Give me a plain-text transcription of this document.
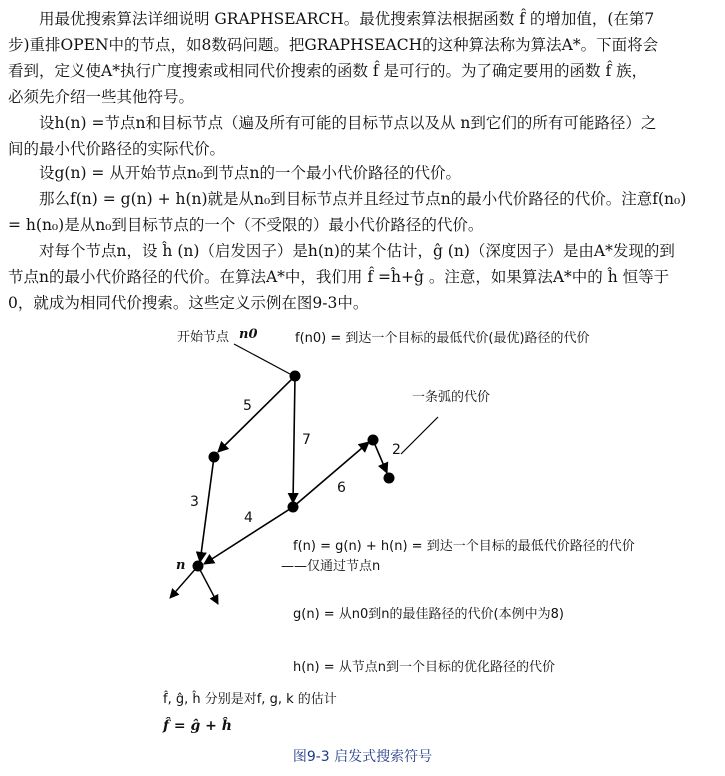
用最优搜索算法详细说明 GRAPHSEARCH。最优搜索算法根据函数 f̂ 的增加值，(在第7
步)重排OPEN中的节点，如8数码问题。把GRAPHSEACH的这种算法称为算法A*。下面将会
看到，定义使A*执行广度搜索或相同代价搜索的函数 f̂ 是可行的。为了确定要用的函数 f̂ 族，
必须先介绍一些其他符号。
设h(n) =节点n和目标节点（遍及所有可能的目标节点以及从 n到它们的所有可能路径）之
间的最小代价路径的实际代价。
设g(n) = 从开始节点n₀到节点n的一个最小代价路径的代价。
那么f(n) = g(n) + h(n)就是从n₀到目标节点并且经过节点n的最小代价路径的代价。注意f(n₀)
= h(n₀)是从n₀到目标节点的一个（不受限的）最小代价路径的代价。
对每个节点n，设 ĥ (n)（启发因子）是h(n)的某个估计，ĝ (n)（深度因子）是由A*发现的到
节点n的最小代价路径的代价。在算法A*中，我们用 f̂ =ĥ+ĝ 。注意，如果算法A*中的 ĥ 恒等于
0，就成为相同代价搜索。这些定义示例在图9-3中。
开始节点 n0	f(n0) = 到达一个目标的最低代价(最优)路径的代价
一条弧的代价
5
7
3
4
6
2
n
f(n) = g(n) + h(n) = 到达一个目标的最低代价路径的代价
——仅通过节点n
g(n) = 从n0到n的最佳路径的代价(本例中为8)
h(n) = 从节点n到一个目标的优化路径的代价
f̂, ĝ, ĥ 分别是对f, g, k 的估计
f̂ = ĝ + ĥ
图9-3 启发式搜索符号
